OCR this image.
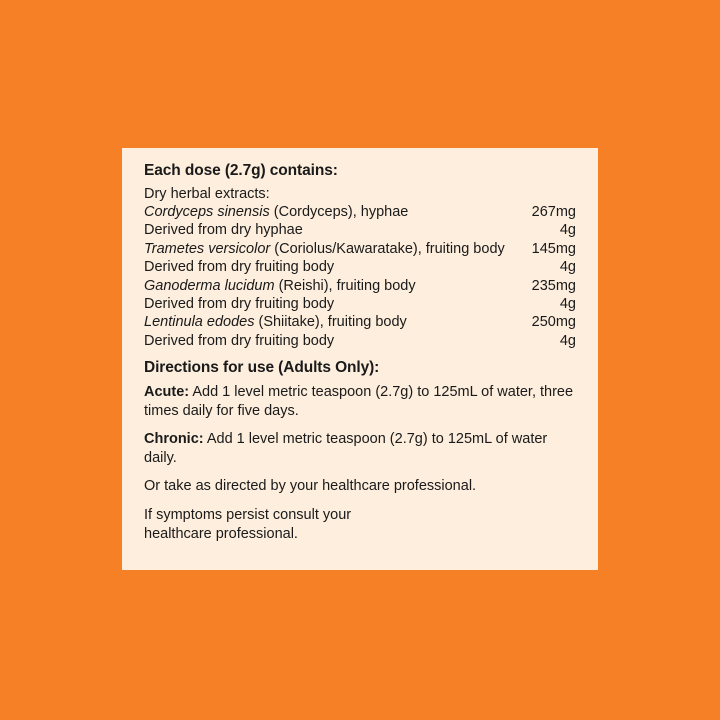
Each dose (2.7g) contains:
Dry herbal extracts:
Cordyceps sinensis (Cordyceps), hyphae	267mg
Derived from dry hyphae	4g
Trametes versicolor (Coriolus/Kawaratake), fruiting body	145mg
Derived from dry fruiting body	4g
Ganoderma lucidum (Reishi), fruiting body	235mg
Derived from dry fruiting body	4g
Lentinula edodes (Shiitake), fruiting body	250mg
Derived from dry fruiting body	4g
Directions for use (Adults Only):

Acute: Add 1 level metric teaspoon (2.7g) to 125mL of water, three times daily for five days.

Chronic: Add 1 level metric teaspoon (2.7g) to 125mL of water daily.

Or take as directed by your healthcare professional.

If symptoms persist consult your
healthcare professional.
